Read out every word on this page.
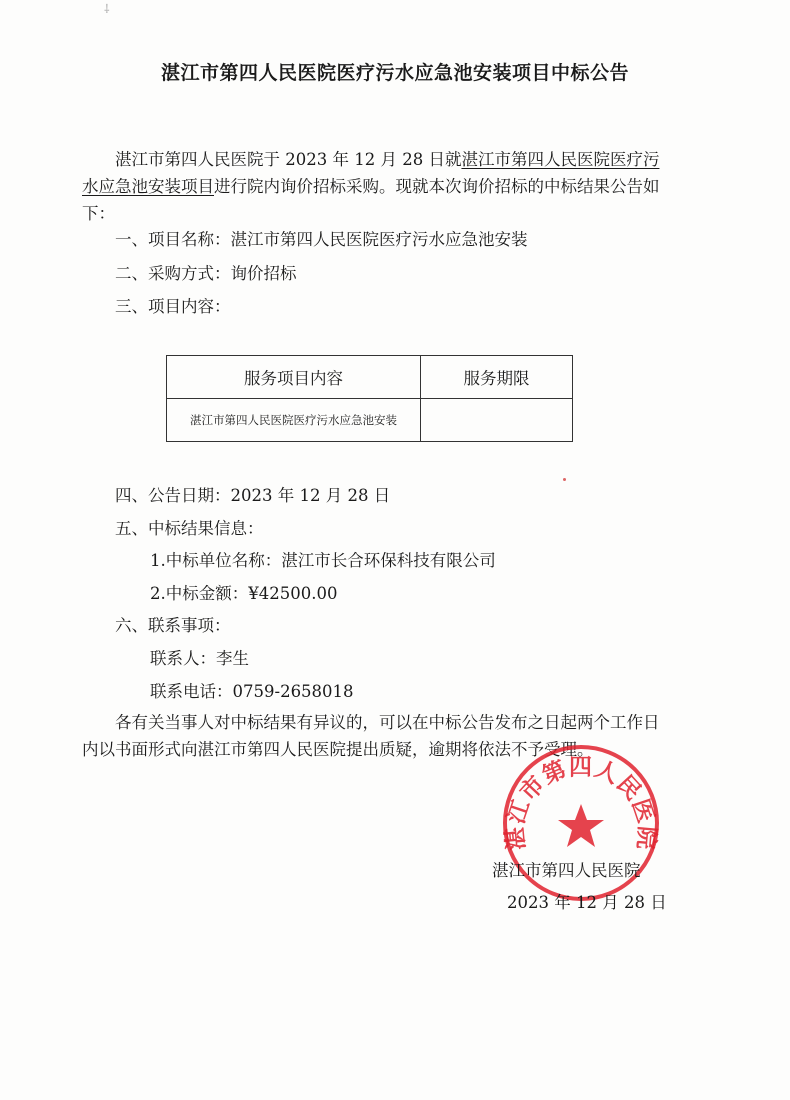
⸸
湛江市第四人民医院医疗污水应急池安装项目中标公告
湛江市第四人民医院于 2023 年 12 月 28 日就湛江市第四人民医院医疗污水应急池安装项目进行院内询价招标采购。现就本次询价招标的中标结果公告如下：
一、项目名称：湛江市第四人民医院医疗污水应急池安装
二、采购方式：询价招标
三、项目内容：
服务项目内容	服务期限
湛江市第四人民医院医疗污水应急池安装	
四、公告日期：2023 年 12 月 28 日
五、中标结果信息：
1.中标单位名称：湛江市长合环保科技有限公司
2.中标金额：¥42500.00
六、联系事项：
联系人：李生
联系电话：0759-2658018
各有关当事人对中标结果有异议的，可以在中标公告发布之日起两个工作日内以书面形式向湛江市第四人民医院提出质疑，逾期将依法不予受理。
湛江市第四人民医院
湛江市第四人民医院
2023 年 12 月 28 日
